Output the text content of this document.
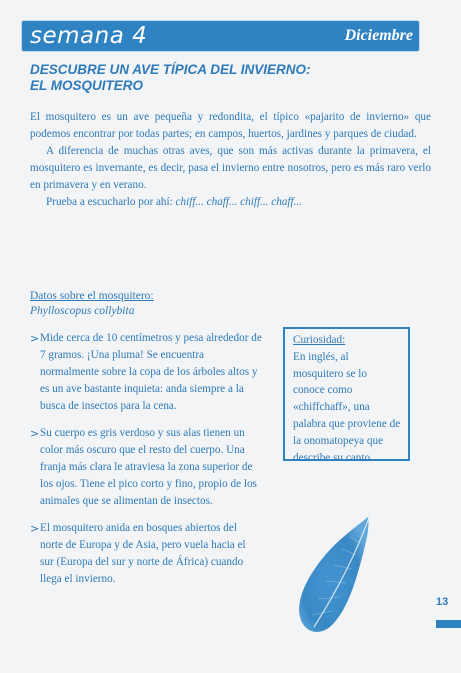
semana 4	Diciembre
DESCUBRE UN AVE TÍPICA DEL INVIERNO:
EL MOSQUITERO

El mosquitero es un ave pequeña y redondita, el típico «pajarito de invierno» que podemos encontrar por todas partes; en campos, huertos, jardines y parques de ciudad.

A diferencia de muchas otras aves, que son más activas durante la primavera, el mosquitero es invernante, es decir, pasa el invierno entre nosotros, pero es más raro verlo en primavera y en verano.

Prueba a escucharlo por ahí: chiff... chaff... chiff... chaff...

Datos sobre el mosquitero:
Phylloscopus collybita
> Mide cerca de 10 centímetros y pesa alrededor de 7 gramos. ¡Una pluma! Se encuentra normalmente sobre la copa de los árboles altos y es un ave bastante inquieta: anda siempre a la busca de insectos para la cena.
> Su cuerpo es gris verdoso y sus alas tienen un color más oscuro que el resto del cuerpo. Una franja más clara le atraviesa la zona superior de los ojos. Tiene el pico corto y fino, propio de los animales que se alimentan de insectos.
> El mosquitero anida en bosques abiertos del norte de Europa y de Asia, pero vuela hacia el sur (Europa del sur y norte de África) cuando llega el invierno.
Curiosidad:
En inglés, al mosquitero se lo conoce como «chiffchaff», una palabra que proviene de la onomatopeya que describe su canto.
13
